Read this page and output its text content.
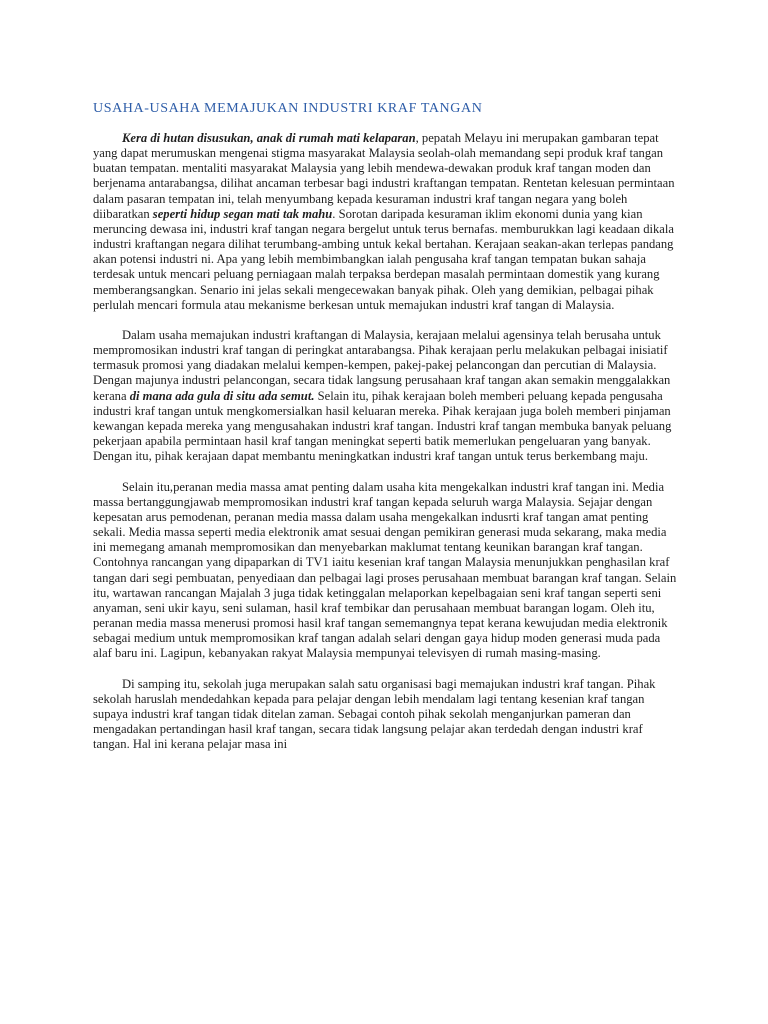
USAHA-USAHA MEMAJUKAN INDUSTRI KRAF TANGAN

Kera di hutan disusukan, anak di rumah mati kelaparan, pepatah Melayu ini merupakan gambaran tepat yang dapat merumuskan mengenai stigma masyarakat Malaysia seolah-olah memandang sepi produk kraf tangan buatan tempatan. mentaliti masyarakat Malaysia yang lebih mendewa-dewakan produk kraf tangan moden dan berjenama antarabangsa, dilihat ancaman terbesar bagi industri kraftangan tempatan. Rentetan kelesuan permintaan dalam pasaran tempatan ini, telah menyumbang kepada kesuraman industri kraf tangan negara yang boleh diibaratkan seperti hidup segan mati tak mahu. Sorotan daripada kesuraman iklim ekonomi dunia yang kian meruncing dewasa ini, industri kraf tangan negara bergelut untuk terus bernafas. memburukkan lagi keadaan dikala industri kraftangan negara dilihat terumbang-ambing untuk kekal bertahan. Kerajaan seakan-akan terlepas pandang akan potensi industri ni. Apa yang lebih membimbangkan ialah pengusaha kraf tangan tempatan bukan sahaja terdesak untuk mencari peluang perniagaan malah terpaksa berdepan masalah permintaan domestik yang kurang memberangsangkan. Senario ini jelas sekali mengecewakan banyak pihak. Oleh yang demikian, pelbagai pihak perlulah mencari formula atau mekanisme berkesan untuk memajukan industri kraf tangan di Malaysia.

Dalam usaha memajukan industri kraftangan di Malaysia, kerajaan melalui agensinya telah berusaha untuk mempromosikan industri kraf tangan di peringkat antarabangsa. Pihak kerajaan perlu melakukan pelbagai inisiatif termasuk promosi yang diadakan melalui kempen-kempen, pakej-pakej pelancongan dan percutian di Malaysia. Dengan majunya industri pelancongan, secara tidak langsung perusahaan kraf tangan akan semakin menggalakkan kerana di mana ada gula di situ ada semut. Selain itu, pihak kerajaan boleh memberi peluang kepada pengusaha industri kraf tangan untuk mengkomersialkan hasil keluaran mereka. Pihak kerajaan juga boleh memberi pinjaman kewangan kepada mereka yang mengusahakan industri kraf tangan. Industri kraf tangan membuka banyak peluang pekerjaan apabila permintaan hasil kraf tangan meningkat seperti batik memerlukan pengeluaran yang banyak. Dengan itu, pihak kerajaan dapat membantu meningkatkan industri kraf tangan untuk terus berkembang maju.

Selain itu,peranan media massa amat penting dalam usaha kita mengekalkan industri kraf tangan ini. Media massa bertanggungjawab mempromosikan industri kraf tangan kepada seluruh warga Malaysia. Sejajar dengan kepesatan arus pemodenan, peranan media massa dalam usaha mengekalkan indusrti kraf tangan amat penting sekali. Media massa seperti media elektronik amat sesuai dengan pemikiran generasi muda sekarang, maka media ini memegang amanah mempromosikan dan menyebarkan maklumat tentang keunikan barangan kraf tangan. Contohnya rancangan yang dipaparkan di TV1 iaitu kesenian kraf tangan Malaysia menunjukkan penghasilan kraf tangan dari segi pembuatan, penyediaan dan pelbagai lagi proses perusahaan membuat barangan kraf tangan. Selain itu, wartawan rancangan Majalah 3 juga tidak ketinggalan melaporkan kepelbagaian seni kraf tangan seperti seni anyaman, seni ukir kayu, seni sulaman, hasil kraf tembikar dan perusahaan membuat barangan logam. Oleh itu, peranan media massa menerusi promosi hasil kraf tangan sememangnya tepat kerana kewujudan media elektronik sebagai medium untuk mempromosikan kraf tangan adalah selari dengan gaya hidup moden generasi muda pada alaf baru ini. Lagipun, kebanyakan rakyat Malaysia mempunyai televisyen di rumah masing-masing.

Di samping itu, sekolah juga merupakan salah satu organisasi bagi memajukan industri kraf tangan. Pihak sekolah haruslah mendedahkan kepada para pelajar dengan lebih mendalam lagi tentang kesenian kraf tangan supaya industri kraf tangan tidak ditelan zaman. Sebagai contoh pihak sekolah menganjurkan pameran dan mengadakan pertandingan hasil kraf tangan, secara tidak langsung pelajar akan terdedah dengan industri kraf tangan. Hal ini kerana pelajar masa ini
